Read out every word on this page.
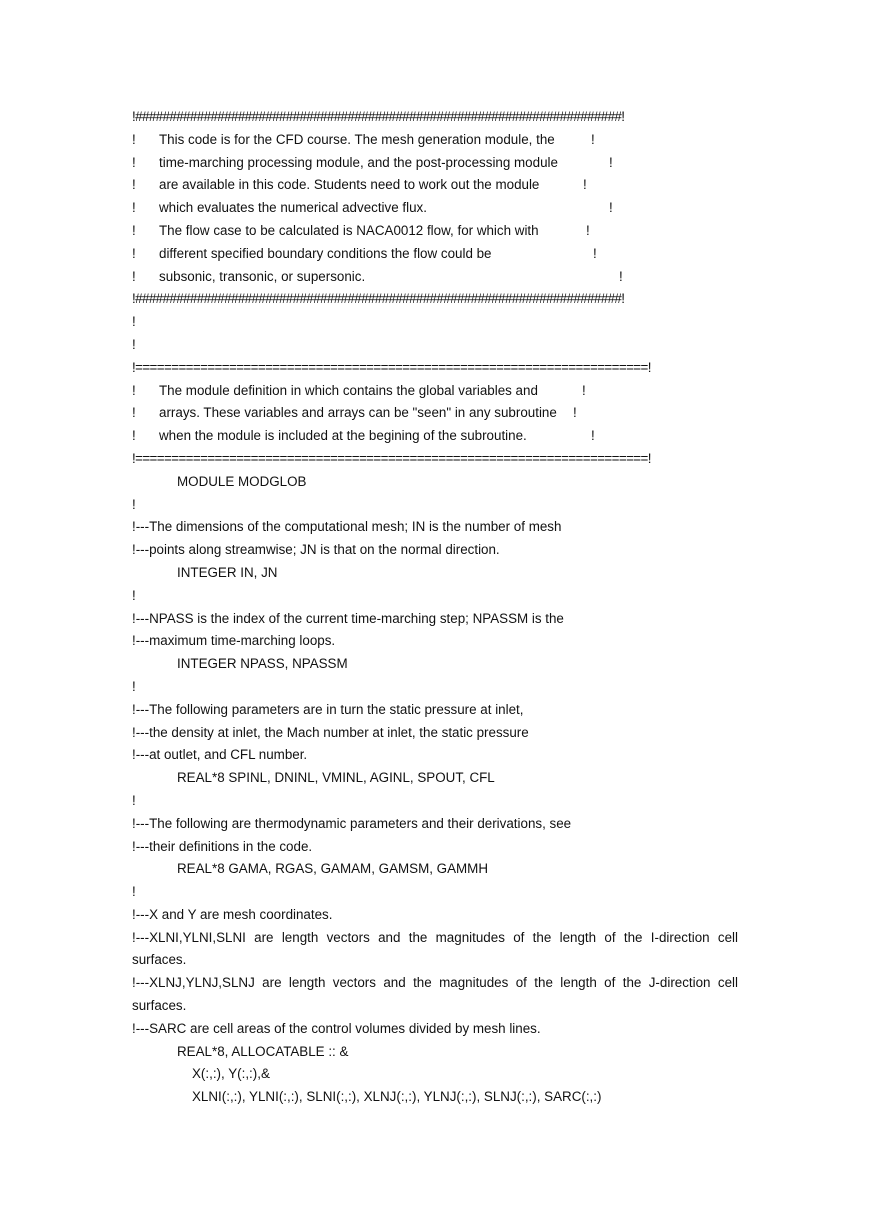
!#######################################################################!

!

This code is for the CFD course. The mesh generation module, the

	!

!

time-marching processing module, and the post-processing module

	!

!

are available in this code. Students need to work out the module

	!

!

which evaluates the numerical advective flux.

	!

!

The flow case to be calculated is NACA0012 flow, for which with

	!

!

different specified boundary conditions the flow could be

	!

!

subsonic, transonic, or supersonic.

	!

!#######################################################################!
!
!
!=======================================================================!

!

The module definition in which contains the global variables and

	!

!

arrays. These variables and arrays can be "seen" in any subroutine

!

!

when the module is included at the begining of the subroutine.

	!

!=======================================================================!
MODULE MODGLOB
!
!---The dimensions of the computational mesh; IN is the number of mesh
!---points along streamwise; JN is that on the normal direction.
INTEGER IN, JN
!
!---NPASS is the index of the current time-marching step; NPASSM is the
!---maximum time-marching loops.
INTEGER NPASS, NPASSM
!
!---The following parameters are in turn the static pressure at inlet,
!---the density at inlet, the Mach number at inlet, the static pressure
!---at outlet, and CFL number.
REAL*8 SPINL, DNINL, VMINL, AGINL, SPOUT, CFL
!
!---The following are thermodynamic parameters and their derivations, see
!---their definitions in the code.
REAL*8 GAMA, RGAS, GAMAM, GAMSM, GAMMH
!
!---X and Y are mesh coordinates.
!---XLNI,YLNI,SLNI are length vectors and the magnitudes of the length of the I-direction cell
surfaces.
!---XLNJ,YLNJ,SLNJ are length vectors and the magnitudes of the length of the J-direction cell
surfaces.
!---SARC are cell areas of the control volumes divided by mesh lines.
REAL*8, ALLOCATABLE :: &
X(:,:), Y(:,:),&
XLNI(:,:), YLNI(:,:), SLNI(:,:), XLNJ(:,:), YLNJ(:,:), SLNJ(:,:), SARC(:,:)
